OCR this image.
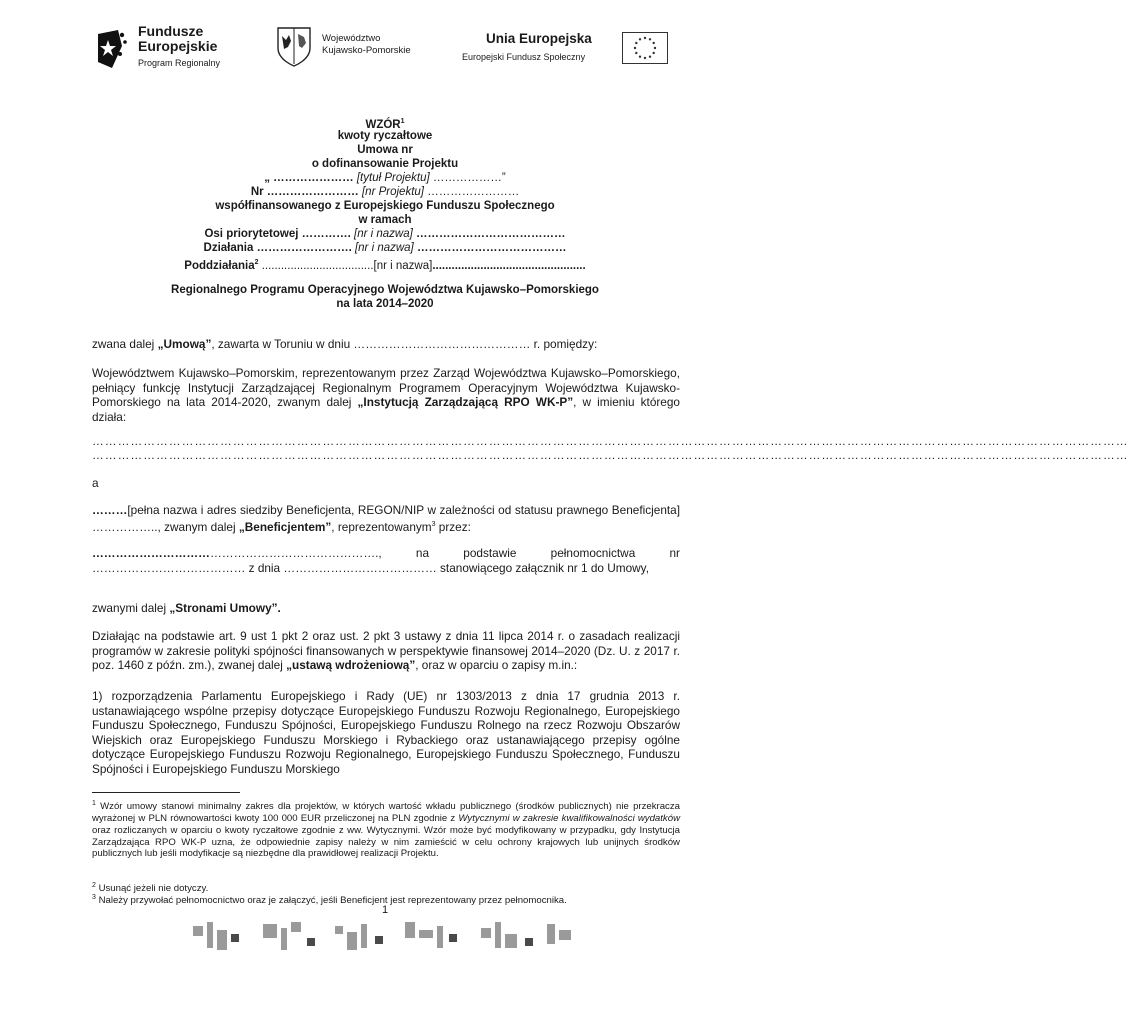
Fundusze
Europejskie
Program Regionalny
Województwo
Kujawsko-Pomorskie
Unia Europejska
Europejski Fundusz Społeczny
WZÓR$^1$
kwoty ryczałtowe
Umowa nr
o dofinansowanie Projektu
„ ………………… [tytuł Projektu] ………………”
Nr …………………… [nr Projektu] ……………………
współfinansowanego z Europejskiego Funduszu Społecznego
w ramach
Osi priorytetowej …………. [nr i nazwa] …………………………………
Działania ……………………. [nr i nazwa] …………………………………
Poddziałania$^2$ ...................................[nr i nazwa]................................................
Regionalnego Programu Operacyjnego Województwa Kujawsko–Pomorskiego
na lata 2014–2020
zwana dalej „Umową”, zawarta w Toruniu w dniu ……………………………………… r. pomiędzy:
Województwem Kujawsko–Pomorskim, reprezentowanym przez Zarząd Województwa Kujawsko–Pomorskiego, pełniący funkcję Instytucji Zarządzającej Regionalnym Programem Operacyjnym Województwa Kujawsko-Pomorskiego na lata 2014-2020, zwanym dalej „Instytucją Zarządzającą RPO WK-P”, w imieniu którego działa:
………………………………………………………………………………………………………………………………………………………………………………………………………………………
………………………………………………………………………………………………………………………………………………………………………………………………………………………
a
………[pełna nazwa i adres siedziby Beneficjenta, REGON/NIP w zależności od statusu prawnego Beneficjenta] …………….., zwanym dalej „Beneficjentem”, reprezentowanym$^3$ przez:
………………………………………………………………., na podstawie pełnomocnictwa nr ………………………………… z dnia ………………………………… stanowiącego załącznik nr 1 do Umowy,
zwanymi dalej „Stronami Umowy”.
Działając na podstawie art. 9 ust 1 pkt 2 oraz ust. 2 pkt 3 ustawy z dnia 11 lipca 2014 r. o zasadach realizacji programów w zakresie polityki spójności finansowanych w perspektywie finansowej 2014–2020 (Dz. U. z 2017 r. poz. 1460 z późn. zm.), zwanej dalej „ustawą wdrożeniową”, oraz w oparciu o zapisy m.in.:
1) rozporządzenia Parlamentu Europejskiego i Rady (UE) nr 1303/2013 z dnia 17 grudnia 2013 r. ustanawiającego wspólne przepisy dotyczące Europejskiego Funduszu Rozwoju Regionalnego, Europejskiego Funduszu Społecznego, Funduszu Spójności, Europejskiego Funduszu Rolnego na rzecz Rozwoju Obszarów Wiejskich oraz Europejskiego Funduszu Morskiego i Rybackiego oraz ustanawiającego przepisy ogólne dotyczące Europejskiego Funduszu Rozwoju Regionalnego, Europejskiego Funduszu Społecznego, Funduszu Spójności i Europejskiego Funduszu Morskiego
$^1$ Wzór umowy stanowi minimalny zakres dla projektów, w których wartość wkładu publicznego (środków publicznych) nie przekracza wyrażonej w PLN równowartości kwoty 100 000 EUR przeliczonej na PLN zgodnie z Wytycznymi w zakresie kwalifikowalności wydatków oraz rozliczanych w oparciu o kwoty ryczałtowe zgodnie z ww. Wytycznymi. Wzór może być modyfikowany w przypadku, gdy Instytucja Zarządzająca RPO WK-P uzna, że odpowiednie zapisy należy w nim zamieścić w celu ochrony krajowych lub unijnych środków publicznych lub jeśli modyfikacje są niezbędne dla prawidłowej realizacji Projektu.
$^2$ Usunąć jeżeli nie dotyczy.
$^3$ Należy przywołać pełnomocnictwo oraz je załączyć, jeśli Beneficjent jest reprezentowany przez pełnomocnika.
1
